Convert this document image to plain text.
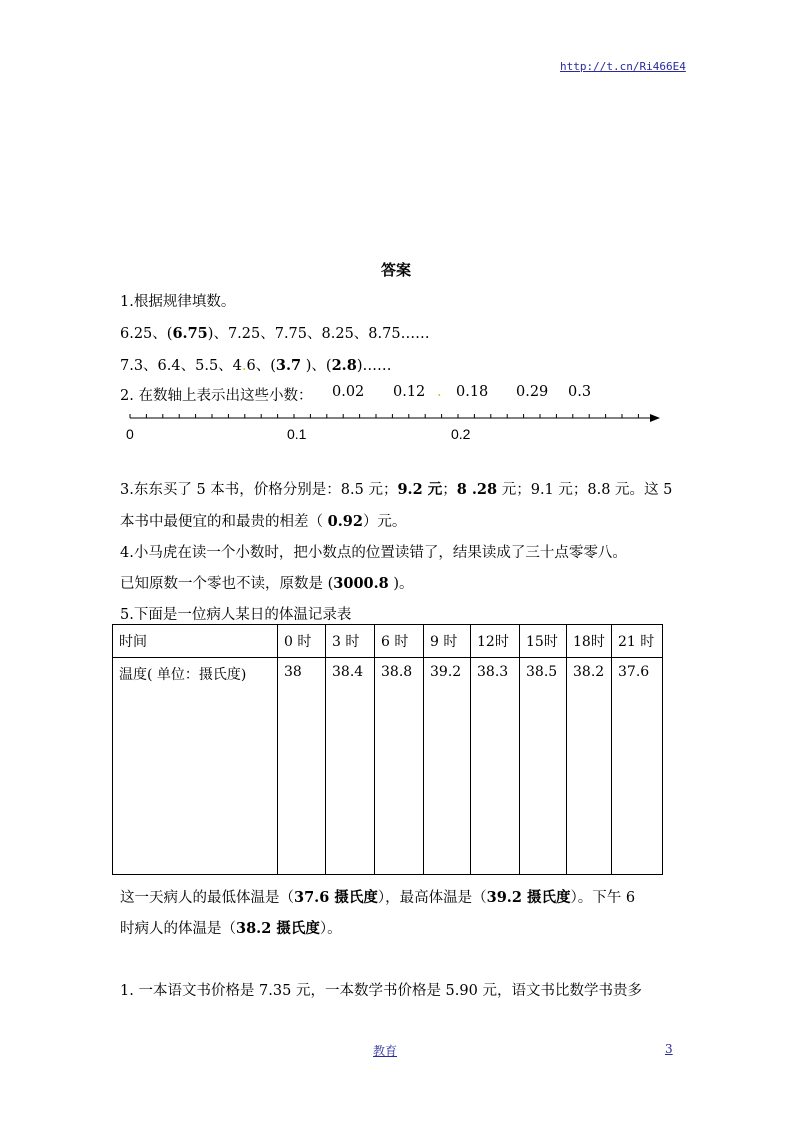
http://t.cn/Ri466E4
答案
1.根据规律填数。
6.25、(6.75)、7.25、7.75、8.25、8.75……
7.3、6.4、5.5、4.6、(3.7 )、(2.8)……
2. 在数轴上表示出这些小数： 0.02 0.12 . 0.18 0.29 0.3
0	0.1	0.2
3.东东买了 5 本书，价格分别是：8.5 元；9.2 元；8 .28 元；9.1 元；8.8 元。这 5
本书中最便宜的和最贵的相差（ 0.92）元。
4.小马虎在读一个小数时，把小数点的位置读错了，结果读成了三十点零零八。
已知原数一个零也不读，原数是 (3000.8 )。
5.下面是一位病人某日的体温记录表
时间	0 时	3 时	6 时	9 时	12时	15时	18时	21 时
温度( 单位：摄氏度)	38	38.4	38.8	39.2	38.3	38.5	38.2	37.6
这一天病人的最低体温是（37.6 摄氏度），最高体温是（39.2 摄氏度）。下午 6
时病人的体温是（38.2 摄氏度）。
1. 一本语文书价格是 7.35 元，一本数学书价格是 5.90 元，语文书比数学书贵多
教育	3
